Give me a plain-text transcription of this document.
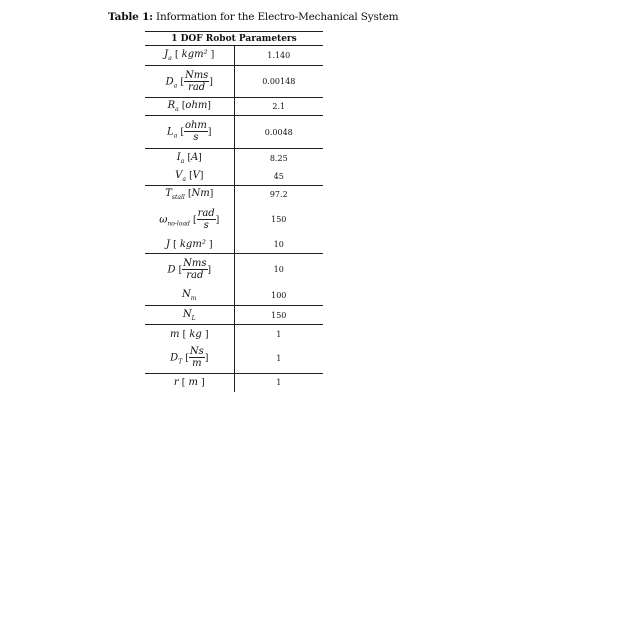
Table 1: Information for the Electro-Mechanical System
1 DOF Robot Parameters	
$J_a$ [ kgm² ]	1.140
$D_a$ [ $\frac{\text{Nms}}{\text{rad}}$ ]	0.00148
$R_a$ [ohm]	2.1
$L_a$ [ $\frac{\text{ohm}}{s}$ ]	0.0048
$I_a$ [A]	8.25
$V_a$ [V]	45
$T_{stall}$ [Nm]	97.2
$\omega_{no-load}$ [ $\frac{\text{rad}}{s}$ ]	150
J [ kgm² ]	10
D [ $\frac{\text{Nms}}{\text{rad}}$ ]	10
$N_m$	100
$N_L$	150
m [ kg ]	1
$D_T$ [ $\frac{Ns}{m}$ ]	1
r [ m ]	1
